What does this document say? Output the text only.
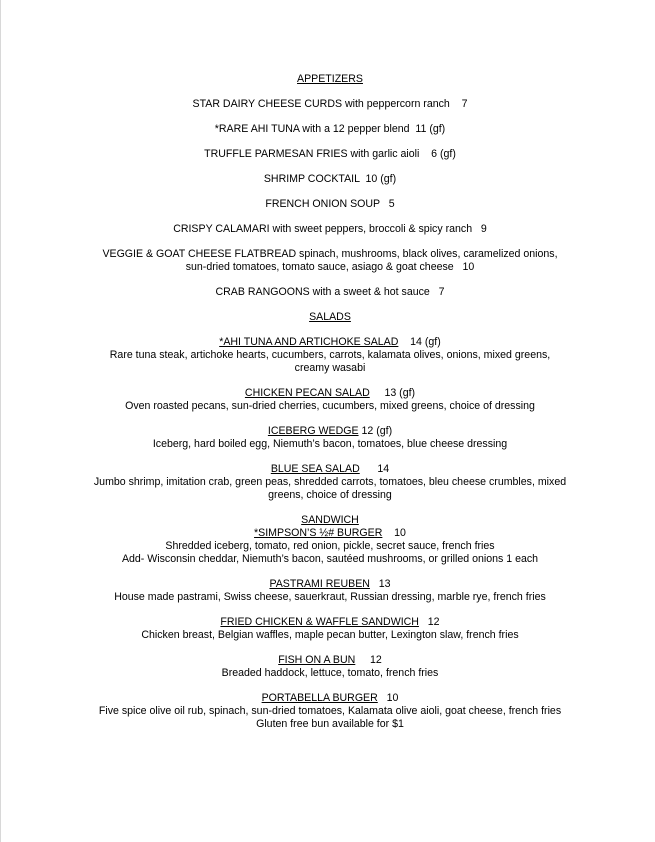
APPETIZERS
STAR DAIRY CHEESE CURDS with peppercorn ranch    7
*RARE AHI TUNA with a 12 pepper blend  11 (gf)
TRUFFLE PARMESAN FRIES with garlic aioli    6 (gf)
SHRIMP COCKTAIL  10 (gf)
FRENCH ONION SOUP   5
CRISPY CALAMARI with sweet peppers, broccoli & spicy ranch   9
VEGGIE & GOAT CHEESE FLATBREAD spinach, mushrooms, black olives, caramelized onions, sun-dried tomatoes, tomato sauce, asiago & goat cheese   10
CRAB RANGOONS with a sweet & hot sauce   7
SALADS
*AHI TUNA AND ARTICHOKE SALAD    14 (gf)
Rare tuna steak, artichoke hearts, cucumbers, carrots, kalamata olives, onions, mixed greens, creamy wasabi
CHICKEN PECAN SALAD     13 (gf)
Oven roasted pecans, sun-dried cherries, cucumbers, mixed greens, choice of dressing
ICEBERG WEDGE 12 (gf)
Iceberg, hard boiled egg, Niemuth’s bacon, tomatoes, blue cheese dressing
BLUE SEA SALAD      14
Jumbo shrimp, imitation crab, green peas, shredded carrots, tomatoes, bleu cheese crumbles, mixed greens, choice of dressing
SANDWICH
*SIMPSON’S ½# BURGER    10
Shredded iceberg, tomato, red onion, pickle, secret sauce, french fries
Add- Wisconsin cheddar, Niemuth’s bacon, sautéed mushrooms, or grilled onions 1 each
PASTRAMI REUBEN   13
House made pastrami, Swiss cheese, sauerkraut, Russian dressing, marble rye, french fries
FRIED CHICKEN & WAFFLE SANDWICH   12
Chicken breast, Belgian waffles, maple pecan butter, Lexington slaw, french fries
FISH ON A BUN     12
Breaded haddock, lettuce, tomato, french fries
PORTABELLA BURGER   10
Five spice olive oil rub, spinach, sun-dried tomatoes, Kalamata olive aioli, goat cheese, french fries
Gluten free bun available for $1
